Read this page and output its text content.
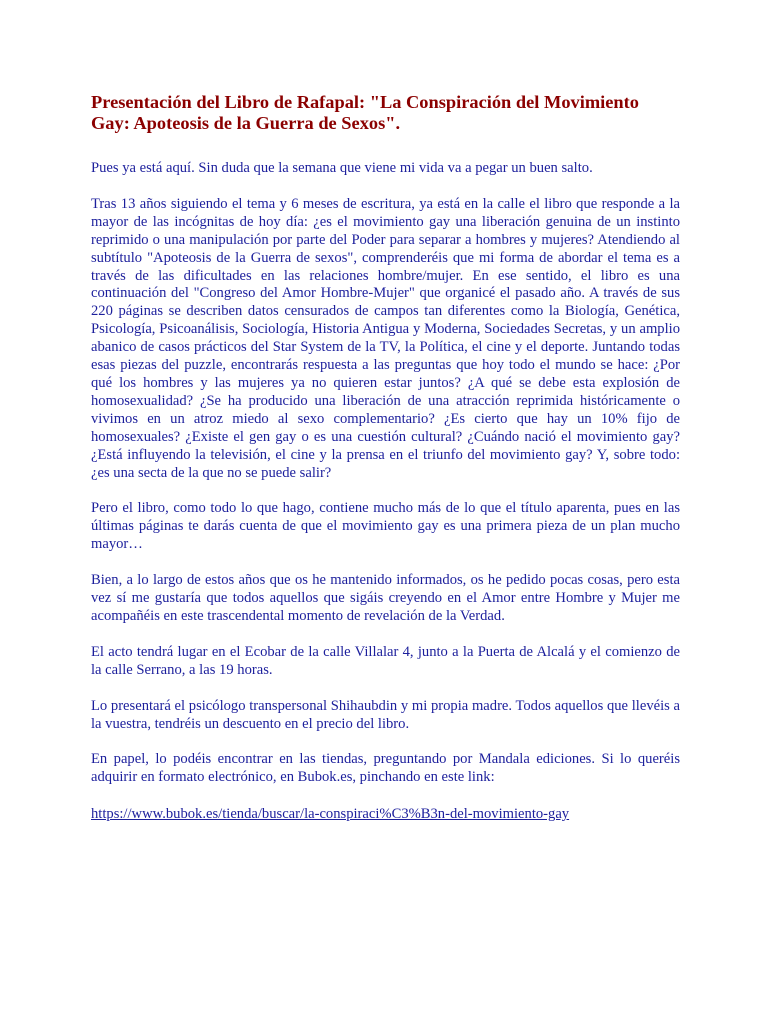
Presentación del Libro de Rafapal: "La Conspiración del Movimiento Gay: Apoteosis de la Guerra de Sexos".

Pues ya está aquí. Sin duda que la semana que viene mi vida va a pegar un buen salto.

Tras 13 años siguiendo el tema y 6 meses de escritura, ya está en la calle el libro que responde a la mayor de las incógnitas de hoy día: ¿es el movimiento gay una liberación genuina de un instinto reprimido o una manipulación por parte del Poder para separar a hombres y mujeres? Atendiendo al subtítulo "Apoteosis de la Guerra de sexos", comprenderéis que mi forma de abordar el tema es a través de las dificultades en las relaciones hombre/mujer. En ese sentido, el libro es una continuación del "Congreso del Amor Hombre-Mujer" que organicé el pasado año. A través de sus 220 páginas se describen datos censurados de campos tan diferentes como la Biología, Genética, Psicología, Psicoanálisis, Sociología, Historia Antigua y Moderna, Sociedades Secretas, y un amplio abanico de casos prácticos del Star System de la TV, la Política, el cine y el deporte. Juntando todas esas piezas del puzzle, encontrarás respuesta a las preguntas que hoy todo el mundo se hace: ¿Por qué los hombres y las mujeres ya no quieren estar juntos? ¿A qué se debe esta explosión de homosexualidad? ¿Se ha producido una liberación de una atracción reprimida históricamente o vivimos en un atroz miedo al sexo complementario? ¿Es cierto que hay un 10% fijo de homosexuales? ¿Existe el gen gay o es una cuestión cultural? ¿Cuándo nació el movimiento gay?¿Está influyendo la televisión, el cine y la prensa en el triunfo del movimiento gay? Y, sobre todo: ¿es una secta de la que no se puede salir?

Pero el libro, como todo lo que hago, contiene mucho más de lo que el título aparenta, pues en las últimas páginas te darás cuenta de que el movimiento gay es una primera pieza de un plan mucho mayor…

Bien, a lo largo de estos años que os he mantenido informados, os he pedido pocas cosas, pero esta vez sí me gustaría que todos aquellos que sigáis creyendo en el Amor entre Hombre y Mujer me acompañéis en este trascendental momento de revelación de la Verdad.

El acto tendrá lugar en el Ecobar de la calle Villalar 4, junto a la Puerta de Alcalá y el comienzo de la calle Serrano, a las 19 horas.

Lo presentará el psicólogo transpersonal Shihaubdin y mi propia madre. Todos aquellos que llevéis a la vuestra, tendréis un descuento en el precio del libro.

En papel, lo podéis encontrar en las tiendas, preguntando por Mandala ediciones. Si lo queréis adquirir en formato electrónico, en Bubok.es, pinchando en este link:

https://www.bubok.es/tienda/buscar/la-conspiraci%C3%B3n-del-movimiento-gay
